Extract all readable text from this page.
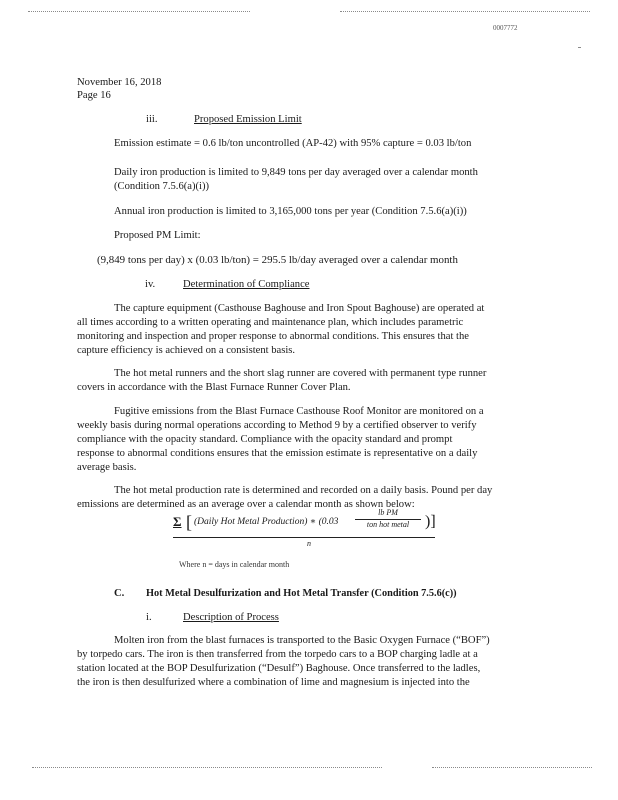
0007772
November 16, 2018
Page 16
iii.	Proposed Emission Limit
Emission estimate = 0.6 lb/ton uncontrolled (AP-42) with 95% capture = 0.03 lb/ton
Daily iron production is limited to 9,849 tons per day averaged over a calendar month
(Condition 7.5.6(a)(i))
Annual iron production is limited to 3,165,000 tons per year (Condition 7.5.6(a)(i))
Proposed PM Limit:
(9,849 tons per day) x (0.03 lb/ton) = 295.5 lb/day averaged over a calendar month
iv.	Determination of Compliance
The capture equipment (Casthouse Baghouse and Iron Spout Baghouse) are operated at
all times according to a written operating and maintenance plan, which includes parametric
monitoring and inspection and proper response to abnormal conditions. This ensures that the
capture efficiency is achieved on a consistent basis.
The hot metal runners and the short slag runner are covered with permanent type runner
covers in accordance with the Blast Furnace Runner Cover Plan.
Fugitive emissions from the Blast Furnace Casthouse Roof Monitor are monitored on a
weekly basis during normal operations according to Method 9 by a certified observer to verify
compliance with the opacity standard. Compliance with the opacity standard and prompt
response to abnormal conditions ensures that the emission estimate is representative on a daily
average basis.
The hot metal production rate is determined and recorded on a daily basis. Pound per day
emissions are determined as an average over a calendar month as shown below:
Σ [ (Daily Hot Metal Production) ∗ (0.03
lb PM
ton hot metal )]
n
Where n = days in calendar month
C. Hot Metal Desulfurization and Hot Metal Transfer (Condition 7.5.6(c))
i.	Description of Process
Molten iron from the blast furnaces is transported to the Basic Oxygen Furnace (“BOF”)
by torpedo cars. The iron is then transferred from the torpedo cars to a BOP charging ladle at a
station located at the BOP Desulfurization (“Desulf”) Baghouse. Once transferred to the ladles,
the iron is then desulfurized where a combination of lime and magnesium is injected into the
